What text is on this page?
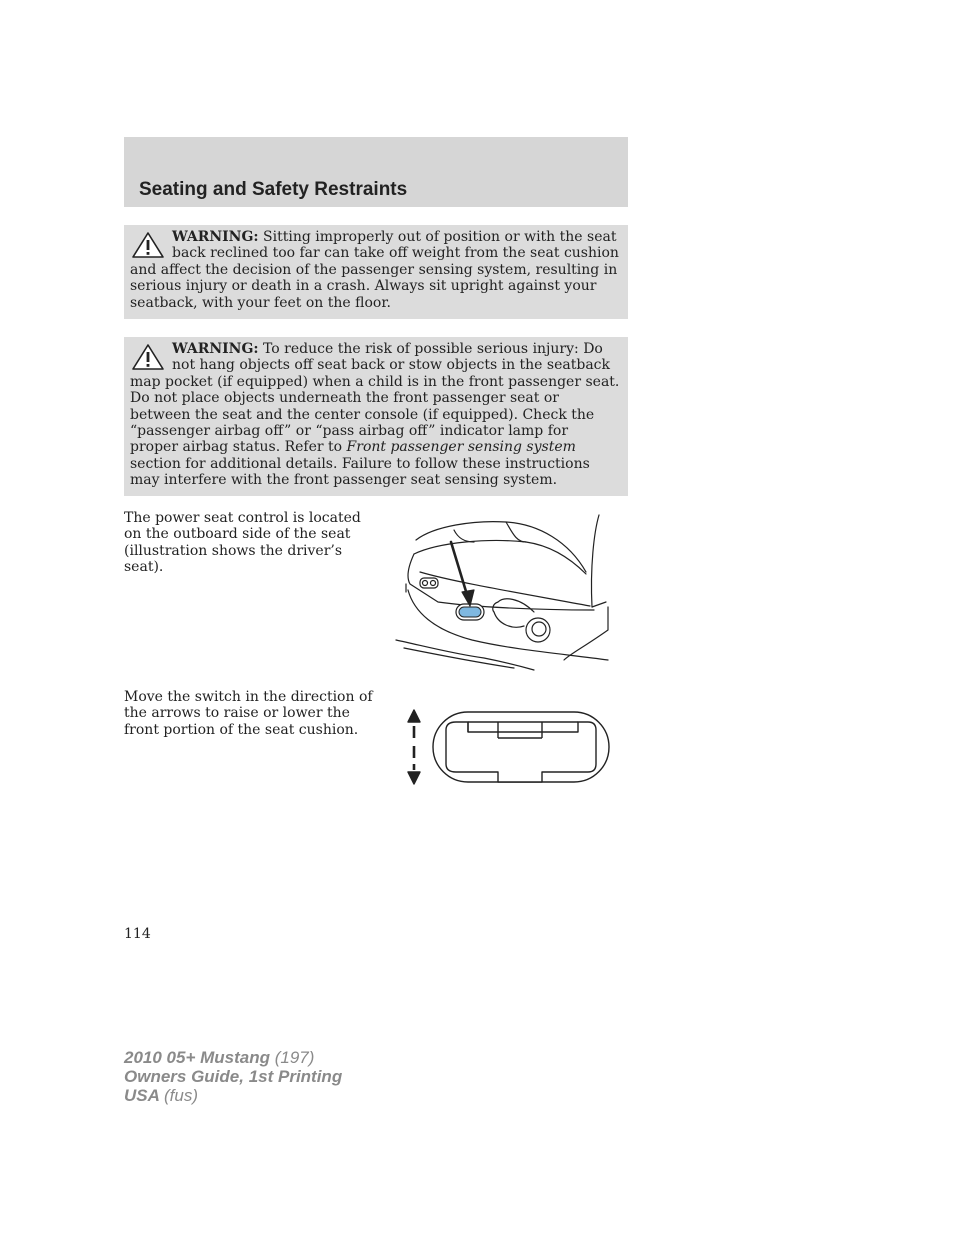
Seating and Safety Restraints
WARNING: Sitting improperly out of position or with the seat back reclined too far can take off weight from the seat cushion and affect the decision of the passenger sensing system, resulting in serious injury or death in a crash. Always sit upright against your seatback, with your feet on the floor.
WARNING: To reduce the risk of possible serious injury: Do not hang objects off seat back or stow objects in the seatback map pocket (if equipped) when a child is in the front passenger seat. Do not place objects underneath the front passenger seat or between the seat and the center console (if equipped). Check the “passenger airbag off” or “pass airbag off” indicator lamp for proper airbag status. Refer to Front passenger sensing system section for additional details. Failure to follow these instructions may interfere with the front passenger seat sensing system.
The power seat control is located on the outboard side of the seat (illustration shows the driver’s seat).
Move the switch in the direction of the arrows to raise or lower the front portion of the seat cushion.
114
2010 05+ Mustang (197)
Owners Guide, 1st Printing
USA (fus)
